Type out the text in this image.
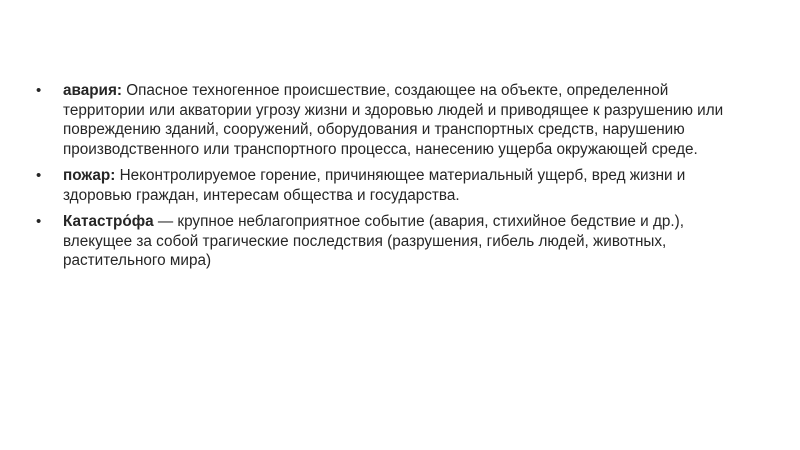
• авария: Опасное техногенное происшествие, создающее на объекте, определенной территории или акватории угрозу жизни и здоровью людей и приводящее к разрушению или повреждению зданий, сооружений, оборудования и транспортных средств, нарушению производственного или транспортного процесса, нанесению ущерба окружающей среде.
• пожар: Неконтролируемое горение, причиняющее материальный ущерб, вред жизни и здоровью граждан, интересам общества и государства.
• Катастро́фа — крупное неблагоприятное событие (авария, стихийное бедствие и др.), влекущее за собой трагические последствия (разрушения, гибель людей, животных, растительного мира)
